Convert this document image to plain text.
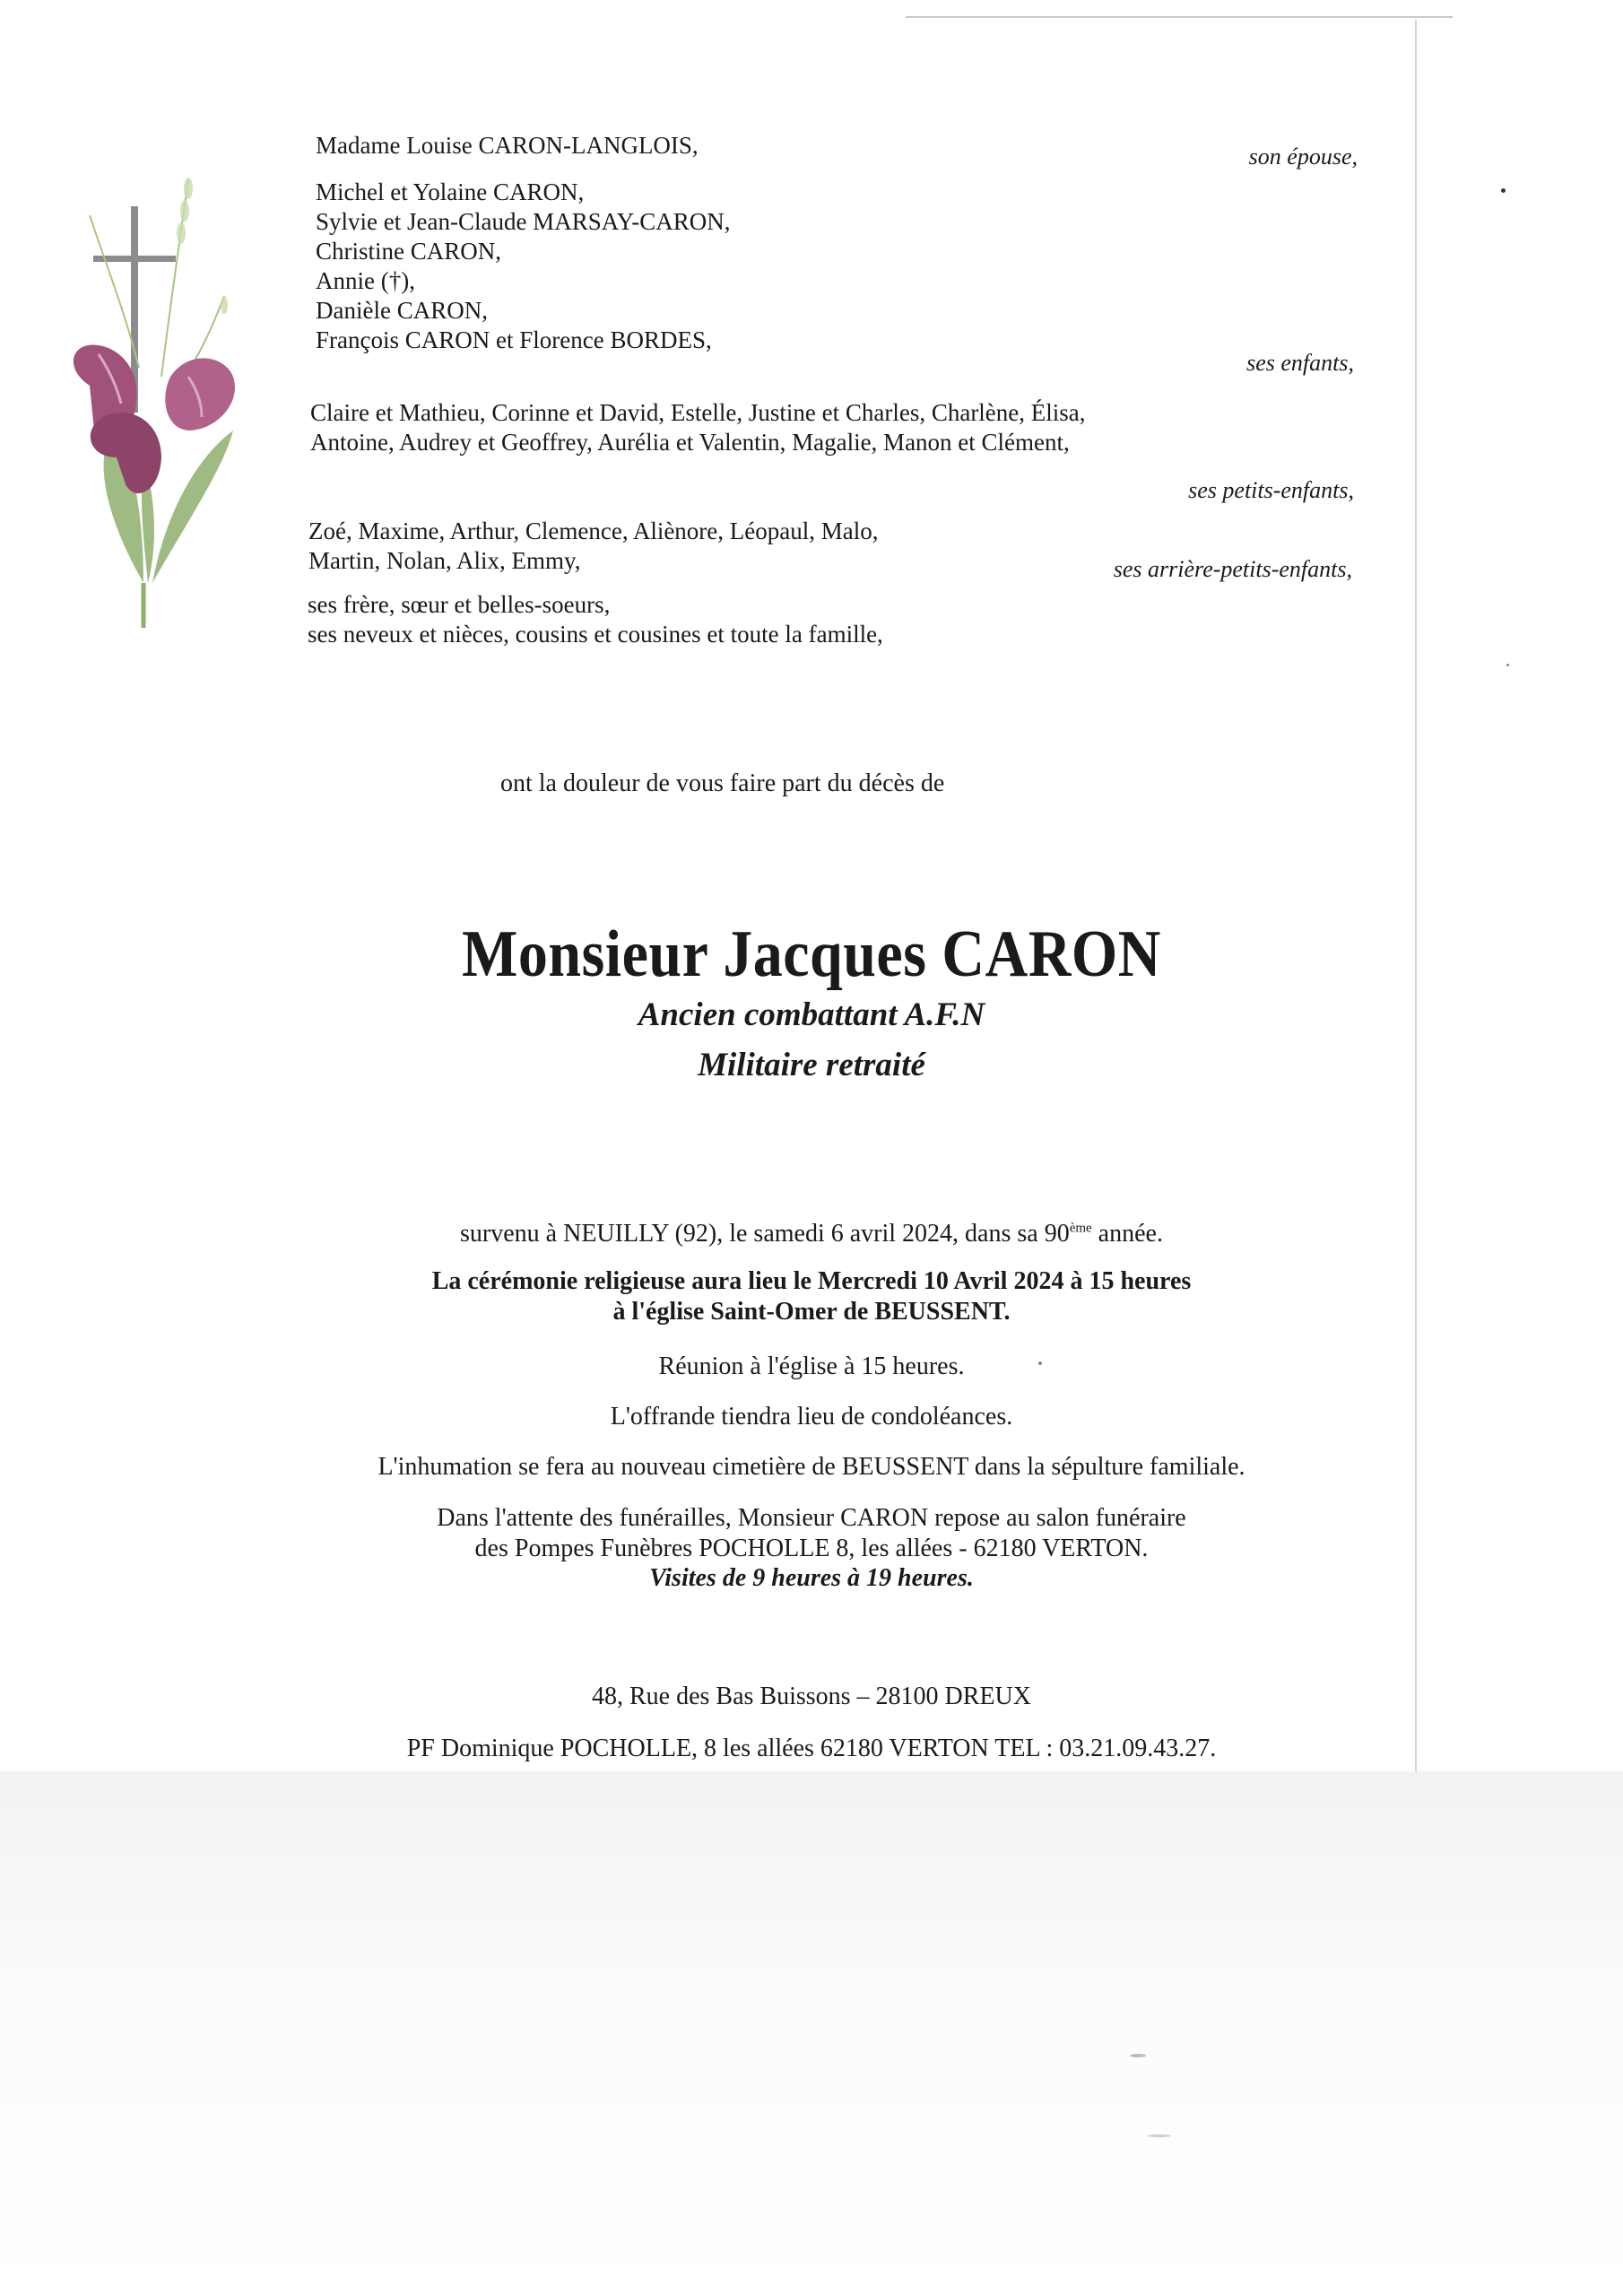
Madame Louise CARON-LANGLOIS,	son épouse,
Michel et Yolaine CARON,
Sylvie et Jean-Claude MARSAY-CARON,
Christine CARON,
Annie (†),
Danièle CARON,
François CARON et Florence BORDES,
ses enfants,
Claire et Mathieu, Corinne et David, Estelle, Justine et Charles, Charlène, Élisa,
Antoine, Audrey et Geoffrey, Aurélia et Valentin, Magalie, Manon et Clément,
ses petits-enfants,
Zoé, Maxime, Arthur, Clemence, Aliènore, Léopaul, Malo,
Martin, Nolan, Alix, Emmy,	ses arrière-petits-enfants,
ses frère, sœur et belles-soeurs,
ses neveux et nièces, cousins et cousines et toute la famille,
ont la douleur de vous faire part du décès de
Monsieur Jacques CARON
Ancien combattant A.F.N
Militaire retraité
survenu à NEUILLY (92), le samedi 6 avril 2024, dans sa 90ème année.
La cérémonie religieuse aura lieu le Mercredi 10 Avril 2024 à 15 heures
à l'église Saint-Omer de BEUSSENT.
Réunion à l'église à 15 heures.
L'offrande tiendra lieu de condoléances.
L'inhumation se fera au nouveau cimetière de BEUSSENT dans la sépulture familiale.
Dans l'attente des funérailles, Monsieur CARON repose au salon funéraire
des Pompes Funèbres POCHOLLE 8, les allées - 62180 VERTON.
Visites de 9 heures à 19 heures.
48, Rue des Bas Buissons – 28100 DREUX
PF Dominique POCHOLLE, 8 les allées 62180 VERTON TEL : 03.21.09.43.27.
